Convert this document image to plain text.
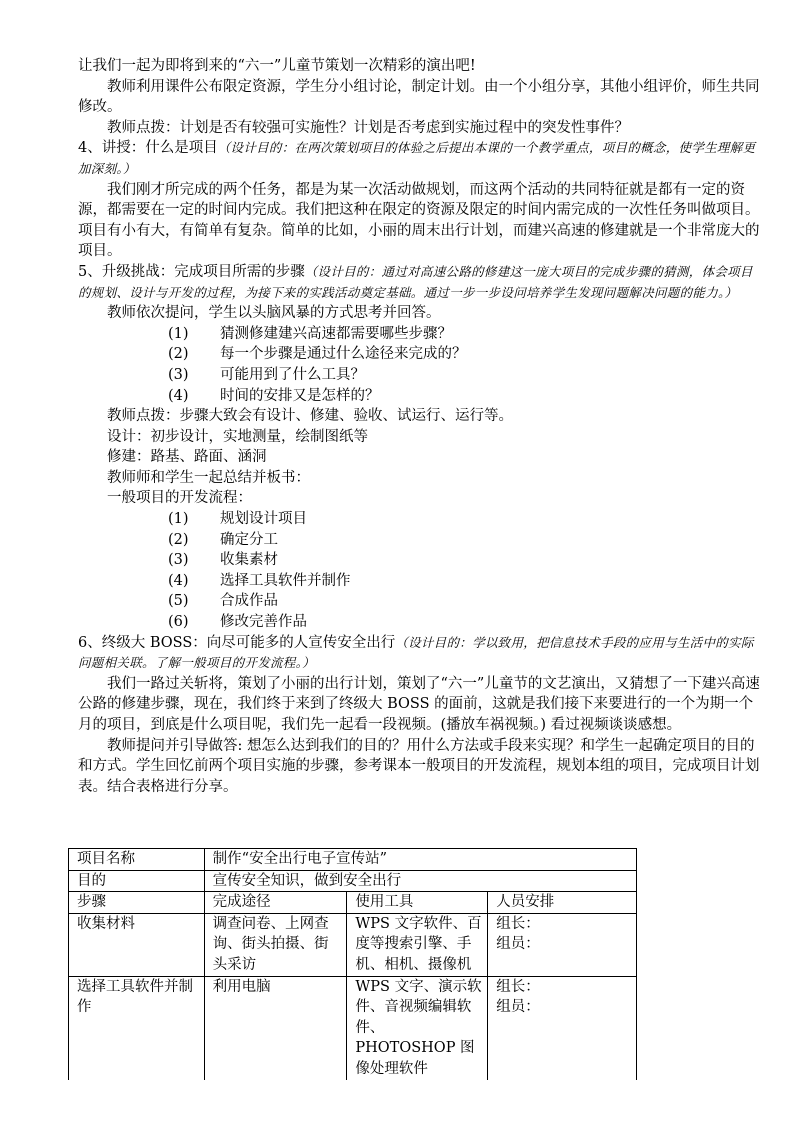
让我们一起为即将到来的“六一”儿童节策划一次精彩的演出吧!

教师利用课件公布限定资源，学生分小组讨论，制定计划。由一个小组分享，其他小组评价，师生共同修改。

教师点拨：计划是否有较强可实施性？计划是否考虑到实施过程中的突发性事件？

4、讲授：什么是项目（设计目的：在两次策划项目的体验之后提出本课的一个教学重点，项目的概念，使学生理解更加深刻。）

我们刚才所完成的两个任务，都是为某一次活动做规划，而这两个活动的共同特征就是都有一定的资源，都需要在一定的时间内完成。我们把这种在限定的资源及限定的时间内需完成的一次性任务叫做项目。项目有小有大，有简单有复杂。简单的比如，小丽的周末出行计划，而建兴高速的修建就是一个非常庞大的项目。

5、升级挑战：完成项目所需的步骤（设计目的：通过对高速公路的修建这一庞大项目的完成步骤的猜测，体会项目的规划、设计与开发的过程，为接下来的实践活动奠定基础。通过一步一步设问培养学生发现问题解决问题的能力。）

教师依次提问，学生以头脑风暴的方式思考并回答。

(1)	猜测修建建兴高速都需要哪些步骤？
(2)	每一个步骤是通过什么途径来完成的？
(3)	可能用到了什么工具？
(4)	时间的安排又是怎样的？

教师点拨：步骤大致会有设计、修建、验收、试运行、运行等。

设计：初步设计，实地测量，绘制图纸等

修建：路基、路面、涵洞

教师师和学生一起总结并板书：

一般项目的开发流程：

(1)	规划设计项目
(2)	确定分工
(3)	收集素材
(4)	选择工具软件并制作
(5)	合成作品
(6)	修改完善作品

6、终级大 BOSS：向尽可能多的人宣传安全出行（设计目的：学以致用，把信息技术手段的应用与生活中的实际问题相关联。了解一般项目的开发流程。）

我们一路过关斩将，策划了小丽的出行计划，策划了“六一”儿童节的文艺演出，又猜想了一下建兴高速公路的修建步骤，现在，我们终于来到了终级大 BOSS 的面前，这就是我们接下来要进行的一个为期一个月的项目，到底是什么项目呢，我们先一起看一段视频。(播放车祸视频。) 看过视频谈谈感想。

教师提问并引导做答: 想怎么达到我们的目的？用什么方法或手段来实现？和学生一起确定项目的目的和方式。学生回忆前两个项目实施的步骤，参考课本一般项目的开发流程，规划本组的项目，完成项目计划表。结合表格进行分享。

项目名称	制作“安全出行电子宣传站”		
目的	宣传安全知识，做到安全出行		
步骤	完成途径	使用工具	人员安排
收集材料	调查问卷、上网查询、街头拍摄、街头采访	WPS 文字软件、百度等搜索引擎、手机、相机、摄像机	组长：
组员：

选择工具软件并制作	利用电脑	WPS 文字、演示软件、音视频编辑软件、PHOTOSHOP 图像处理软件	组长：
组员：
